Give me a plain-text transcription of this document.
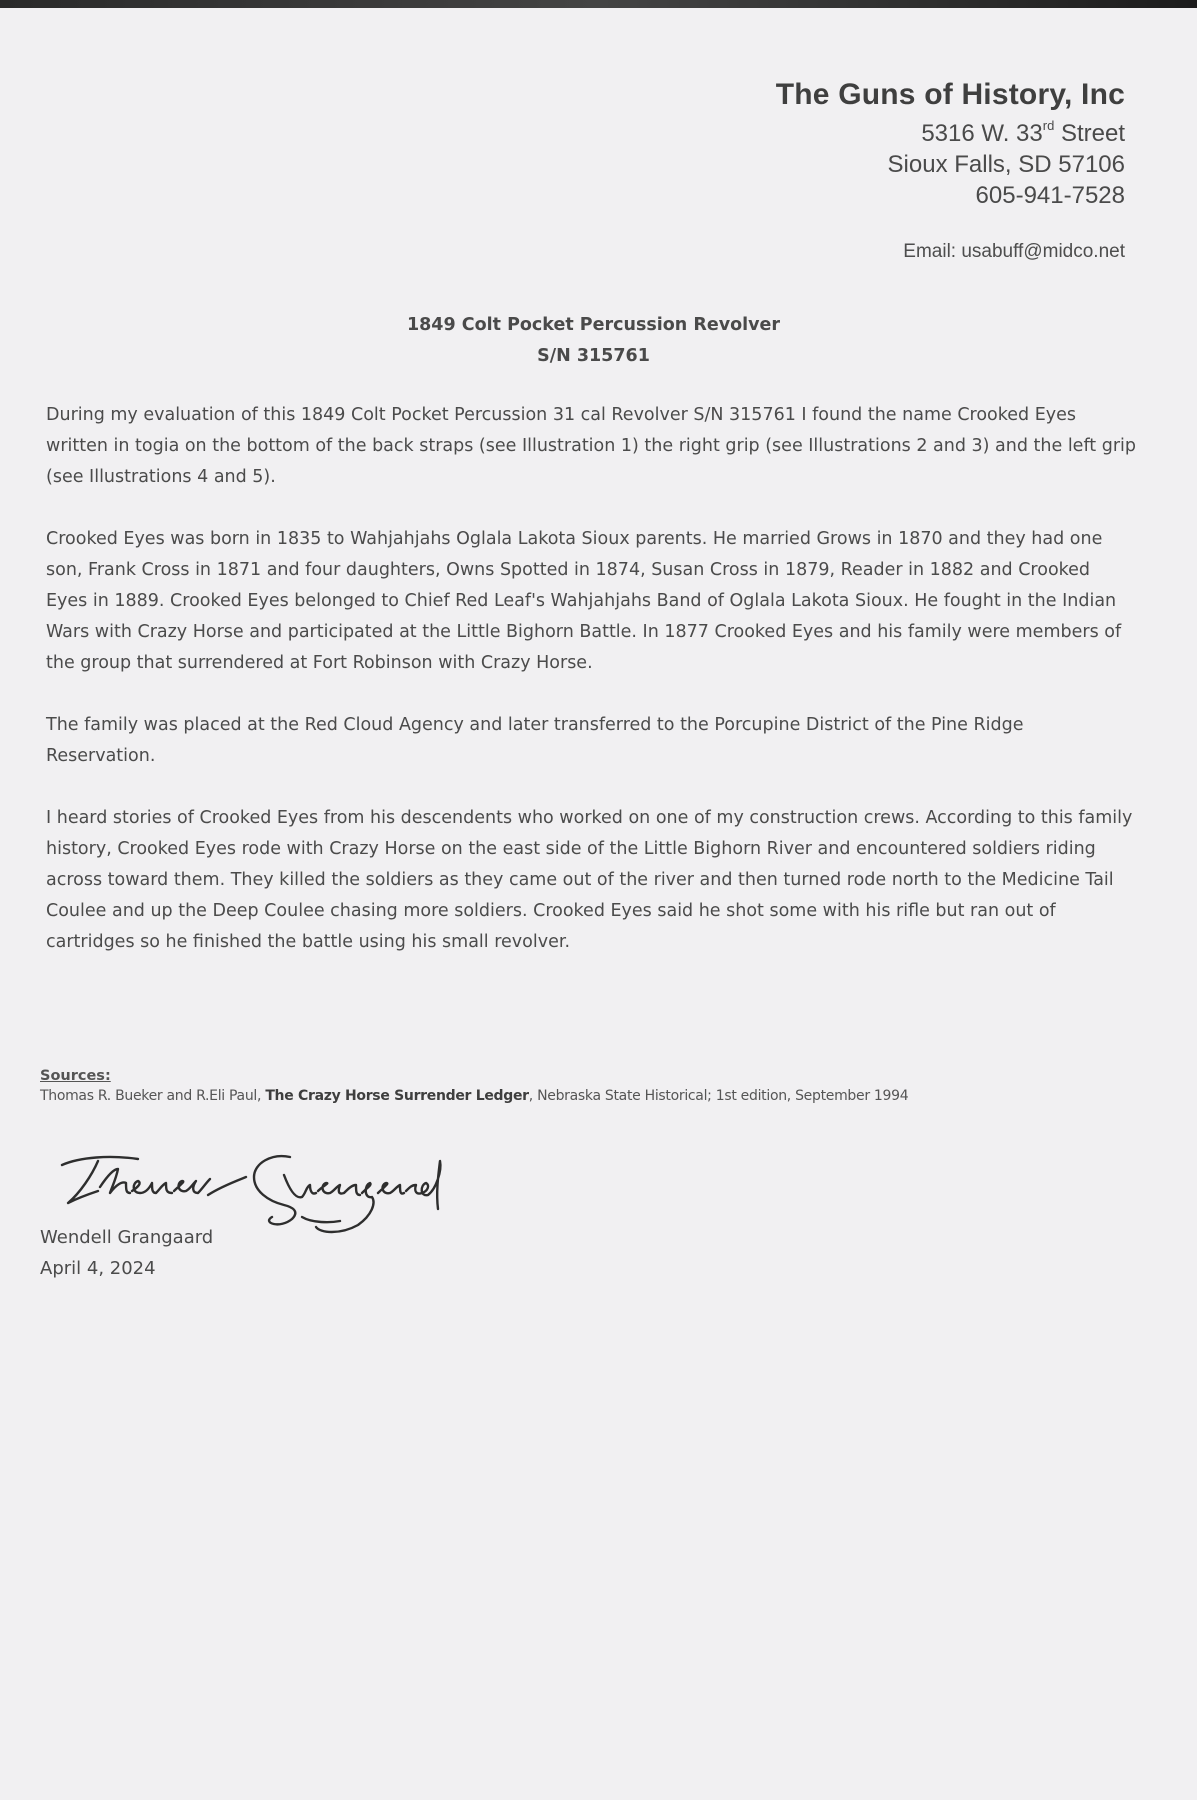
The Guns of History, Inc
5316 W. 33rd Street
Sioux Falls, SD 57106
605-941-7528
Email: usabuff@midco.net
1849 Colt Pocket Percussion Revolver
S/N 315761

During my evaluation of this 1849 Colt Pocket Percussion 31 cal Revolver S/N 315761 I found the name Crooked Eyes written in togia on the bottom of the back straps (see Illustration 1) the right grip (see Illustrations 2 and 3) and the left grip (see Illustrations 4 and 5).

Crooked Eyes was born in 1835 to Wahjahjahs Oglala Lakota Sioux parents. He married Grows in 1870 and they had one son, Frank Cross in 1871 and four daughters, Owns Spotted in 1874, Susan Cross in 1879, Reader in 1882 and Crooked Eyes in 1889. Crooked Eyes belonged to Chief Red Leaf's Wahjahjahs Band of Oglala Lakota Sioux. He fought in the Indian Wars with Crazy Horse and participated at the Little Bighorn Battle. In 1877 Crooked Eyes and his family were members of the group that surrendered at Fort Robinson with Crazy Horse.

The family was placed at the Red Cloud Agency and later transferred to the Porcupine District of the Pine Ridge Reservation.

I heard stories of Crooked Eyes from his descendents who worked on one of my construction crews. According to this family history, Crooked Eyes rode with Crazy Horse on the east side of the Little Bighorn River and encountered soldiers riding across toward them. They killed the soldiers as they came out of the river and then turned rode north to the Medicine Tail Coulee and up the Deep Coulee chasing more soldiers. Crooked Eyes said he shot some with his rifle but ran out of cartridges so he finished the battle using his small revolver.

Sources:
Thomas R. Bueker and R.Eli Paul, The Crazy Horse Surrender Ledger, Nebraska State Historical; 1st edition, September 1994
Wendell Grangaard
April 4, 2024
